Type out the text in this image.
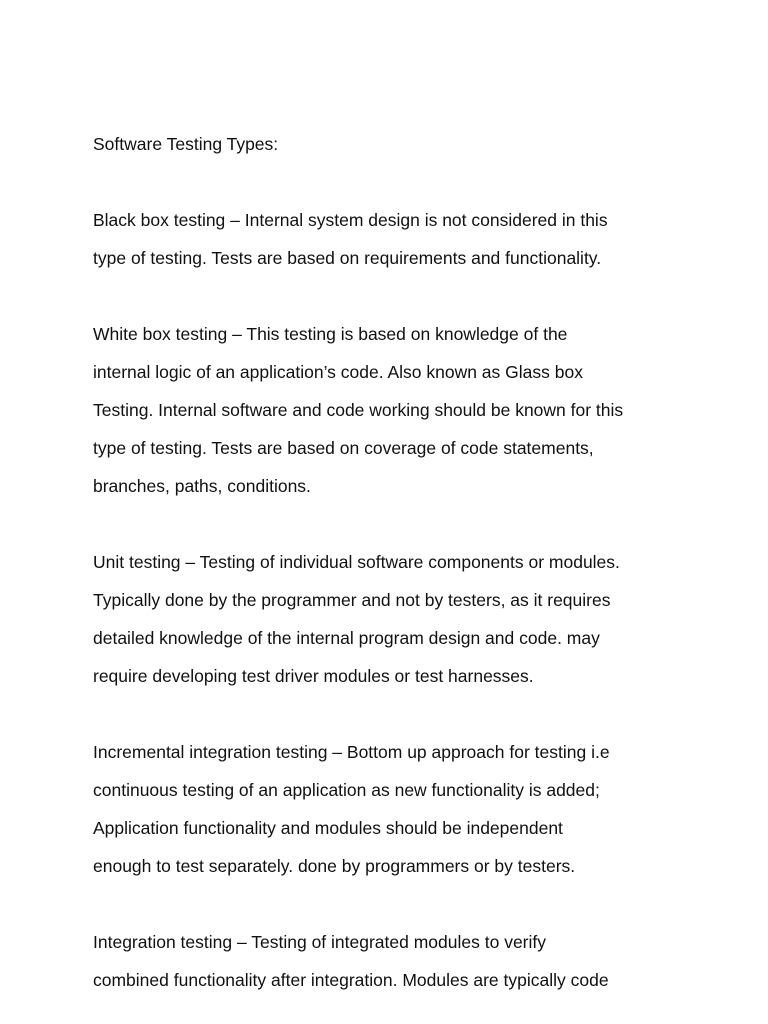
Software Testing Types:
Black box testing – Internal system design is not considered in this
type of testing. Tests are based on requirements and functionality.
White box testing – This testing is based on knowledge of the
internal logic of an application’s code. Also known as Glass box
Testing. Internal software and code working should be known for this
type of testing. Tests are based on coverage of code statements,
branches, paths, conditions.
Unit testing – Testing of individual software components or modules.
Typically done by the programmer and not by testers, as it requires
detailed knowledge of the internal program design and code. may
require developing test driver modules or test harnesses.
Incremental integration testing – Bottom up approach for testing i.e
continuous testing of an application as new functionality is added;
Application functionality and modules should be independent
enough to test separately. done by programmers or by testers.
Integration testing – Testing of integrated modules to verify
combined functionality after integration. Modules are typically code
